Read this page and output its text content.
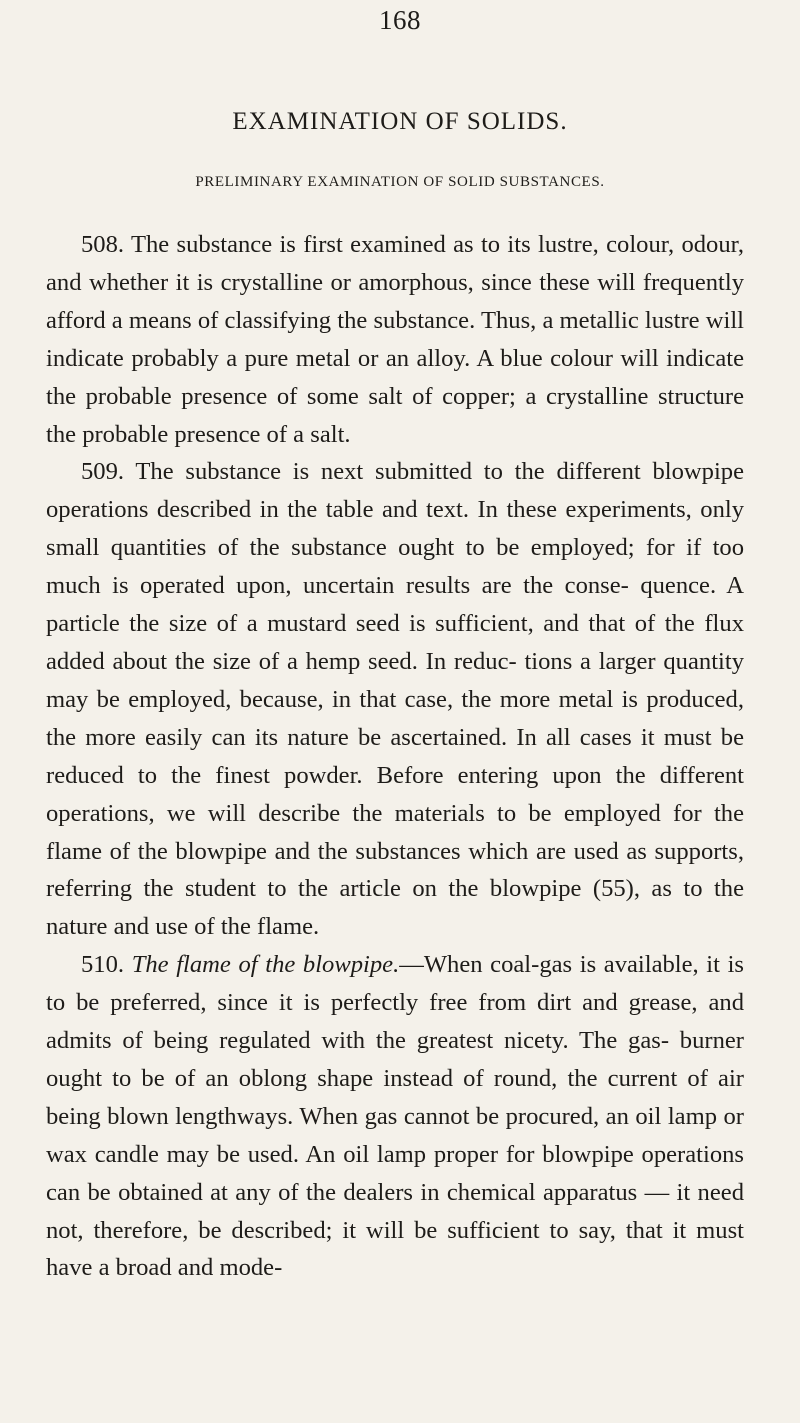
168
EXAMINATION OF SOLIDS.
PRELIMINARY EXAMINATION OF SOLID SUBSTANCES.

508. The substance is first examined as to its lustre, colour, odour, and whether it is crystalline or amorphous, since these will frequently afford a means of classifying the substance. Thus, a metallic lustre will indicate probably a pure metal or an alloy. A blue colour will indicate the probable presence of some salt of copper; a crystalline structure the probable presence of a salt.

509. The substance is next submitted to the different blowpipe operations described in the table and text. In these experiments, only small quantities of the substance ought to be employed; for if too much is operated upon, uncertain results are the conse- quence. A particle the size of a mustard seed is sufficient, and that of the flux added about the size of a hemp seed. In reduc- tions a larger quantity may be employed, because, in that case, the more metal is produced, the more easily can its nature be ascertained. In all cases it must be reduced to the finest powder. Before entering upon the different operations, we will describe the materials to be employed for the flame of the blowpipe and the substances which are used as supports, referring the student to the article on the blowpipe (55), as to the nature and use of the flame.

510. The flame of the blowpipe.—When coal-gas is available, it is to be preferred, since it is perfectly free from dirt and grease, and admits of being regulated with the greatest nicety. The gas- burner ought to be of an oblong shape instead of round, the current of air being blown lengthways. When gas cannot be procured, an oil lamp or wax candle may be used. An oil lamp proper for blowpipe operations can be obtained at any of the dealers in chemical apparatus — it need not, therefore, be described; it will be sufficient to say, that it must have a broad and mode-
